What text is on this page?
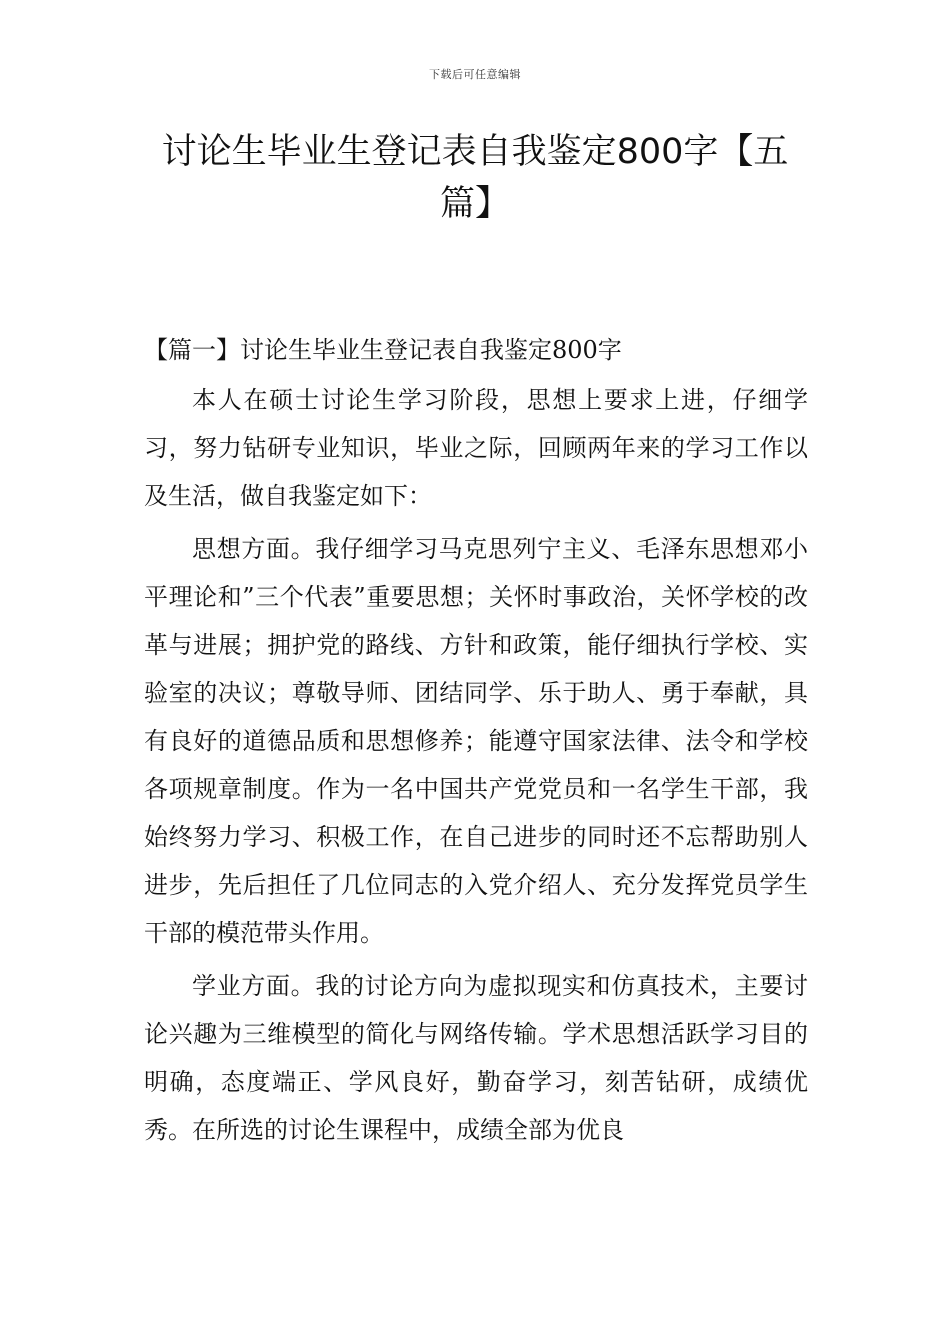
下载后可任意编辑
讨论生毕业生登记表自我鉴定800字【五篇】
【篇一】讨论生毕业生登记表自我鉴定800字

本人在硕士讨论生学习阶段，思想上要求上进，仔细学习，努力钻研专业知识，毕业之际，回顾两年来的学习工作以及生活，做自我鉴定如下：

思想方面。我仔细学习马克思列宁主义、毛泽东思想邓小平理论和”三个代表”重要思想；关怀时事政治，关怀学校的改革与进展；拥护党的路线、方针和政策，能仔细执行学校、实验室的决议；尊敬导师、团结同学、乐于助人、勇于奉献，具有良好的道德品质和思想修养；能遵守国家法律、法令和学校各项规章制度。作为一名中国共产党党员和一名学生干部，我始终努力学习、积极工作，在自己进步的同时还不忘帮助别人进步，先后担任了几位同志的入党介绍人、充分发挥党员学生干部的模范带头作用。

学业方面。我的讨论方向为虚拟现实和仿真技术，主要讨论兴趣为三维模型的简化与网络传输。学术思想活跃学习目的明确，态度端正、学风良好，勤奋学习，刻苦钻研，成绩优秀。在所选的讨论生课程中，成绩全部为优良
